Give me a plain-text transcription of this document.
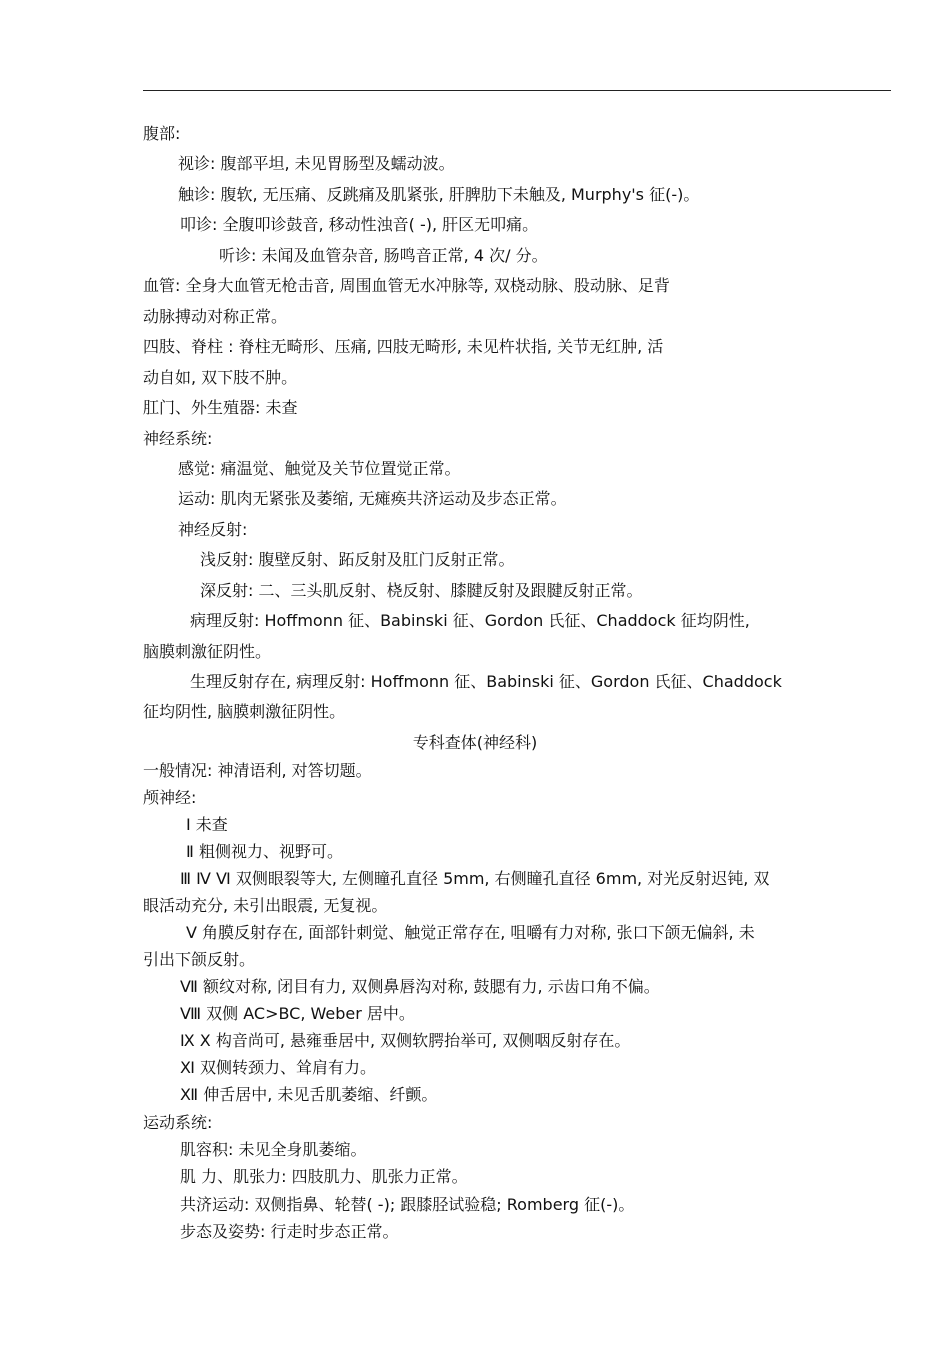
腹部:
视诊: 腹部平坦, 未见胃肠型及蠕动波。
触诊: 腹软, 无压痛、反跳痛及肌紧张, 肝脾肋下未触及, Murphy's 征(-)。
叩诊: 全腹叩诊鼓音, 移动性浊音( -), 肝区无叩痛。
听诊: 未闻及血管杂音, 肠鸣音正常, 4 次/ 分。
血管: 全身大血管无枪击音, 周围血管无水冲脉等, 双桡动脉、股动脉、足背
动脉搏动对称正常。
四肢、脊柱 : 脊柱无畸形、压痛, 四肢无畸形, 未见杵状指, 关节无红肿, 活
动自如, 双下肢不肿。
肛门、外生殖器: 未查
神经系统:
感觉: 痛温觉、触觉及关节位置觉正常。
运动: 肌肉无紧张及萎缩, 无瘫痪共济运动及步态正常。
神经反射:
浅反射: 腹壁反射、跖反射及肛门反射正常。
深反射: 二、三头肌反射、桡反射、膝腱反射及跟腱反射正常。
病理反射: Hoffmonn 征、Babinski 征、Gordon 氏征、Chaddock 征均阴性,
脑膜刺激征阴性。
生理反射存在, 病理反射: Hoffmonn 征、Babinski 征、Gordon 氏征、Chaddock
征均阴性, 脑膜刺激征阴性。
专科查体(神经科)
一般情况: 神清语利, 对答切题。
颅神经:
Ⅰ 未查
Ⅱ 粗侧视力、视野可。
Ⅲ Ⅳ Ⅵ 双侧眼裂等大, 左侧瞳孔直径 5mm, 右侧瞳孔直径 6mm, 对光反射迟钝, 双
眼活动充分, 未引出眼震, 无复视。
Ⅴ 角膜反射存在, 面部针刺觉、触觉正常存在, 咀嚼有力对称, 张口下颌无偏斜, 未
引出下颌反射。
Ⅶ 额纹对称, 闭目有力, 双侧鼻唇沟对称, 鼓腮有力, 示齿口角不偏。
Ⅷ 双侧 AC>BC, Weber 居中。
Ⅸ Ⅹ 构音尚可, 悬雍垂居中, 双侧软腭抬举可, 双侧咽反射存在。
Ⅺ 双侧转颈力、耸肩有力。
Ⅻ 伸舌居中, 未见舌肌萎缩、纤颤。
运动系统:
肌容积: 未见全身肌萎缩。
肌 力、肌张力: 四肢肌力、肌张力正常。
共济运动: 双侧指鼻、轮替( -); 跟膝胫试验稳; Romberg 征(-)。
步态及姿势: 行走时步态正常。
